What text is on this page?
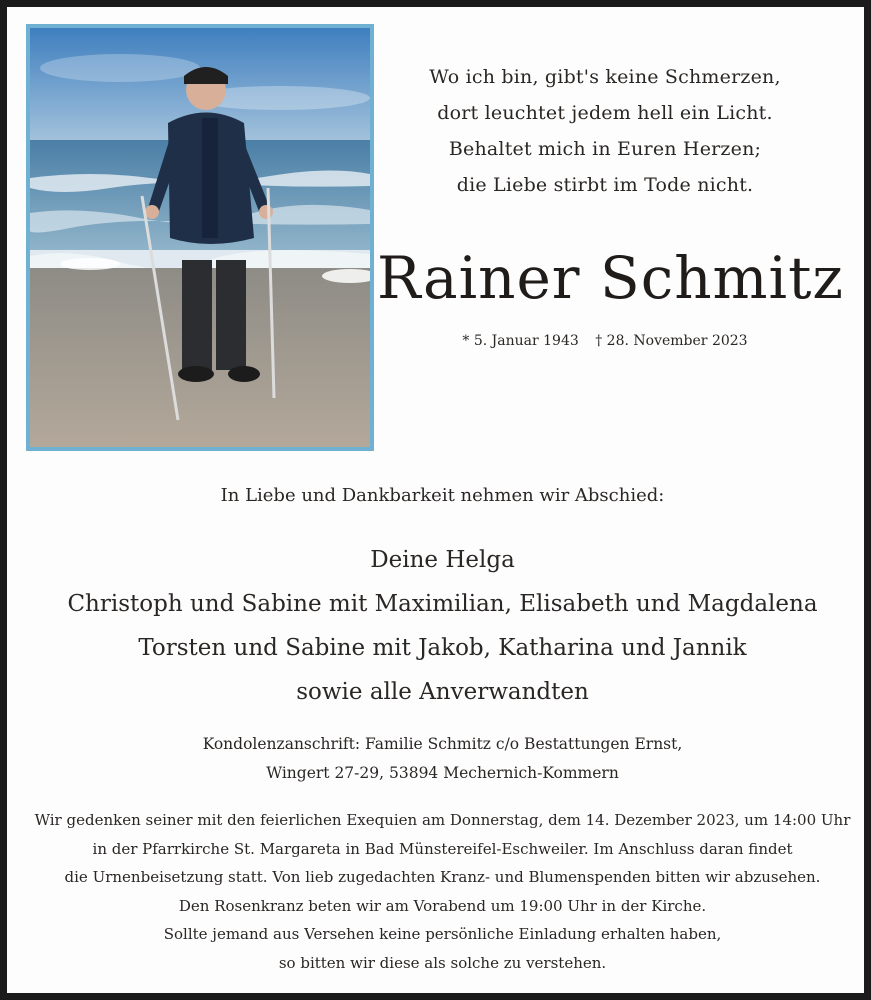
Wo ich bin, gibt's keine Schmerzen,
dort leuchtet jedem hell ein Licht.
Behaltet mich in Euren Herzen;
die Liebe stirbt im Tode nicht.
Rainer Schmitz
* 5. Januar 1943 † 28. November 2023
In Liebe und Dankbarkeit nehmen wir Abschied:
Deine Helga
Christoph und Sabine mit Maximilian, Elisabeth und Magdalena
Torsten und Sabine mit Jakob, Katharina und Jannik
sowie alle Anverwandten
Kondolenzanschrift: Familie Schmitz c/o Bestattungen Ernst,
Wingert 27-29, 53894 Mechernich-Kommern
Wir gedenken seiner mit den feierlichen Exequien am Donnerstag, dem 14. Dezember 2023, um 14:00 Uhr
in der Pfarrkirche St. Margareta in Bad Münstereifel-Eschweiler. Im Anschluss daran findet
die Urnenbeisetzung statt. Von lieb zugedachten Kranz- und Blumenspenden bitten wir abzusehen.
Den Rosenkranz beten wir am Vorabend um 19:00 Uhr in der Kirche.
Sollte jemand aus Versehen keine persönliche Einladung erhalten haben,
so bitten wir diese als solche zu verstehen.
